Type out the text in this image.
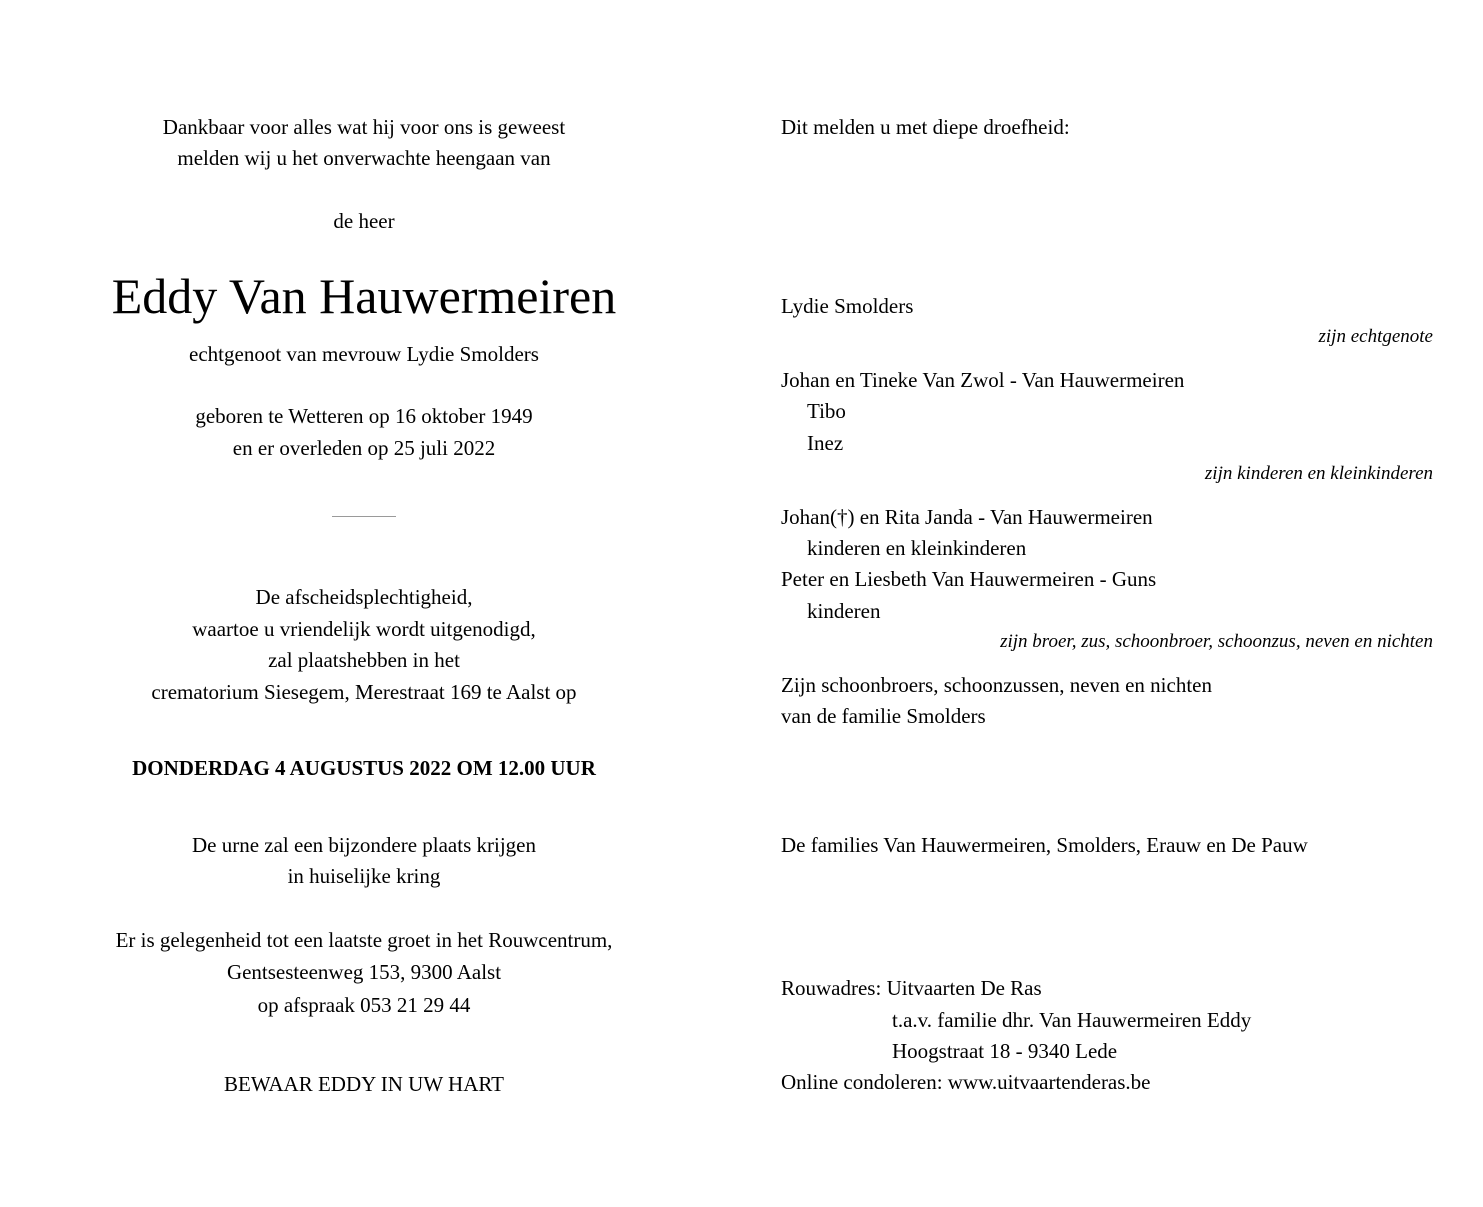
Dankbaar voor alles wat hij voor ons is geweest
melden wij u het onverwachte heengaan van
de heer
Eddy Van Hauwermeiren
echtgenoot van mevrouw Lydie Smolders
geboren te Wetteren op 16 oktober 1949
en er overleden op 25 juli 2022
De afscheidsplechtigheid,
waartoe u vriendelijk wordt uitgenodigd,
zal plaatshebben in het
crematorium Siesegem, Merestraat 169 te Aalst op
DONDERDAG 4 AUGUSTUS 2022 OM 12.00 UUR
De urne zal een bijzondere plaats krijgen
in huiselijke kring
Er is gelegenheid tot een laatste groet in het Rouwcentrum,
Gentsesteenweg 153, 9300 Aalst
op afspraak 053 21 29 44
BEWAAR EDDY IN UW HART
Dit melden u met diepe droefheid:
Lydie Smolders
zijn echtgenote
Johan en Tineke Van Zwol - Van Hauwermeiren
Tibo
Inez
zijn kinderen en kleinkinderen
Johan(†) en Rita Janda - Van Hauwermeiren
kinderen en kleinkinderen
Peter en Liesbeth Van Hauwermeiren - Guns
kinderen
zijn broer, zus, schoonbroer, schoonzus, neven en nichten
Zijn schoonbroers, schoonzussen, neven en nichten
van de familie Smolders
De families Van Hauwermeiren, Smolders, Erauw en De Pauw
Rouwadres: Uitvaarten De Ras
t.a.v. familie dhr. Van Hauwermeiren Eddy
Hoogstraat 18 - 9340 Lede
Online condoleren: www.uitvaartenderas.be
